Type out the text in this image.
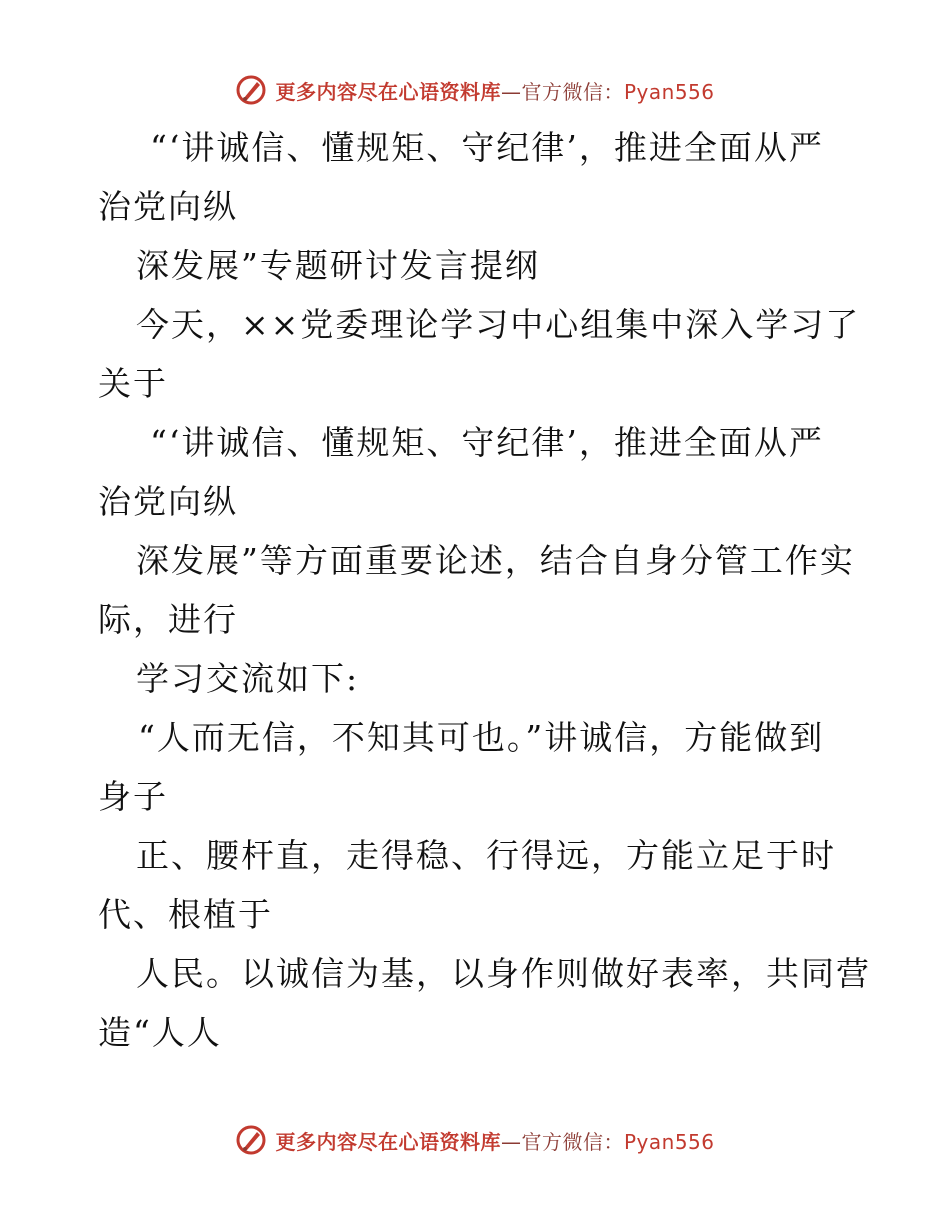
更多内容尽在心语资料库—官方微信：Pyan556
“‘讲诚信、懂规矩、守纪律’，推进全面从严
治党向纵
深发展”专题研讨发言提纲
今天，××党委理论学习中心组集中深入学习了
关于
“‘讲诚信、懂规矩、守纪律’，推进全面从严
治党向纵
深发展”等方面重要论述，结合自身分管工作实
际，进行
学习交流如下:
“人而无信，不知其可也。”讲诚信，方能做到
身子
正、腰杆直，走得稳、行得远，方能立足于时
代、根植于
人民。以诚信为基，以身作则做好表率，共同营
造“人人
更多内容尽在心语资料库—官方微信：Pyan556
